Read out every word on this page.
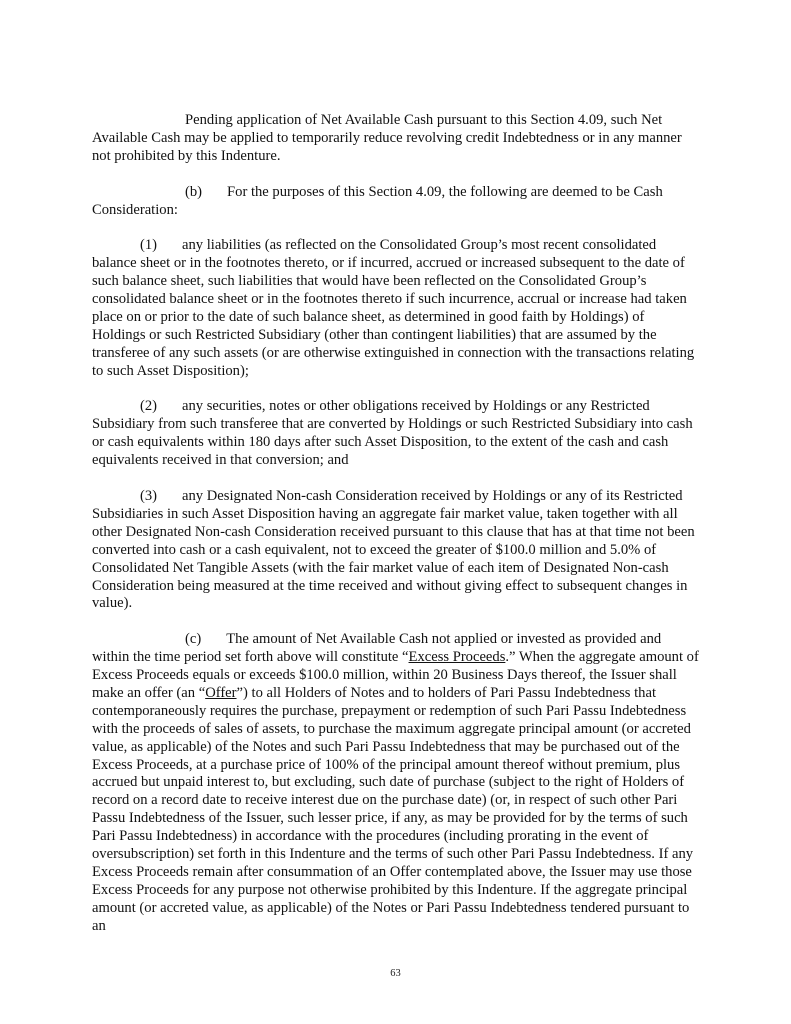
Pending application of Net Available Cash pursuant to this Section 4.09, such Net Available Cash may be applied to temporarily reduce revolving credit Indebtedness or in any manner not prohibited by this Indenture.

(b) For the purposes of this Section 4.09, the following are deemed to be Cash Consideration:

(1) any liabilities (as reflected on the Consolidated Group’s most recent consolidated balance sheet or in the footnotes thereto, or if incurred, accrued or increased subsequent to the date of such balance sheet, such liabilities that would have been reflected on the Consolidated Group’s consolidated balance sheet or in the footnotes thereto if such incurrence, accrual or increase had taken place on or prior to the date of such balance sheet, as determined in good faith by Holdings) of Holdings or such Restricted Subsidiary (other than contingent liabilities) that are assumed by the transferee of any such assets (or are otherwise extinguished in connection with the transactions relating to such Asset Disposition);

(2) any securities, notes or other obligations received by Holdings or any Restricted Subsidiary from such transferee that are converted by Holdings or such Restricted Subsidiary into cash or cash equivalents within 180 days after such Asset Disposition, to the extent of the cash and cash equivalents received in that conversion; and

(3) any Designated Non-cash Consideration received by Holdings or any of its Restricted Subsidiaries in such Asset Disposition having an aggregate fair market value, taken together with all other Designated Non-cash Consideration received pursuant to this clause that has at that time not been converted into cash or a cash equivalent, not to exceed the greater of $100.0 million and 5.0% of Consolidated Net Tangible Assets (with the fair market value of each item of Designated Non-cash Consideration being measured at the time received and without giving effect to subsequent changes in value).

(c) The amount of Net Available Cash not applied or invested as provided and within the time period set forth above will constitute “Excess Proceeds.” When the aggregate amount of Excess Proceeds equals or exceeds $100.0 million, within 20 Business Days thereof, the Issuer shall make an offer (an “Offer”) to all Holders of Notes and to holders of Pari Passu Indebtedness that contemporaneously requires the purchase, prepayment or redemption of such Pari Passu Indebtedness with the proceeds of sales of assets, to purchase the maximum aggregate principal amount (or accreted value, as applicable) of the Notes and such Pari Passu Indebtedness that may be purchased out of the Excess Proceeds, at a purchase price of 100% of the principal amount thereof without premium, plus accrued but unpaid interest to, but excluding, such date of purchase (subject to the right of Holders of record on a record date to receive interest due on the purchase date) (or, in respect of such other Pari Passu Indebtedness of the Issuer, such lesser price, if any, as may be provided for by the terms of such Pari Passu Indebtedness) in accordance with the procedures (including prorating in the event of oversubscription) set forth in this Indenture and the terms of such other Pari Passu Indebtedness. If any Excess Proceeds remain after consummation of an Offer contemplated above, the Issuer may use those Excess Proceeds for any purpose not otherwise prohibited by this Indenture. If the aggregate principal amount (or accreted value, as applicable) of the Notes or Pari Passu Indebtedness tendered pursuant to an

63
